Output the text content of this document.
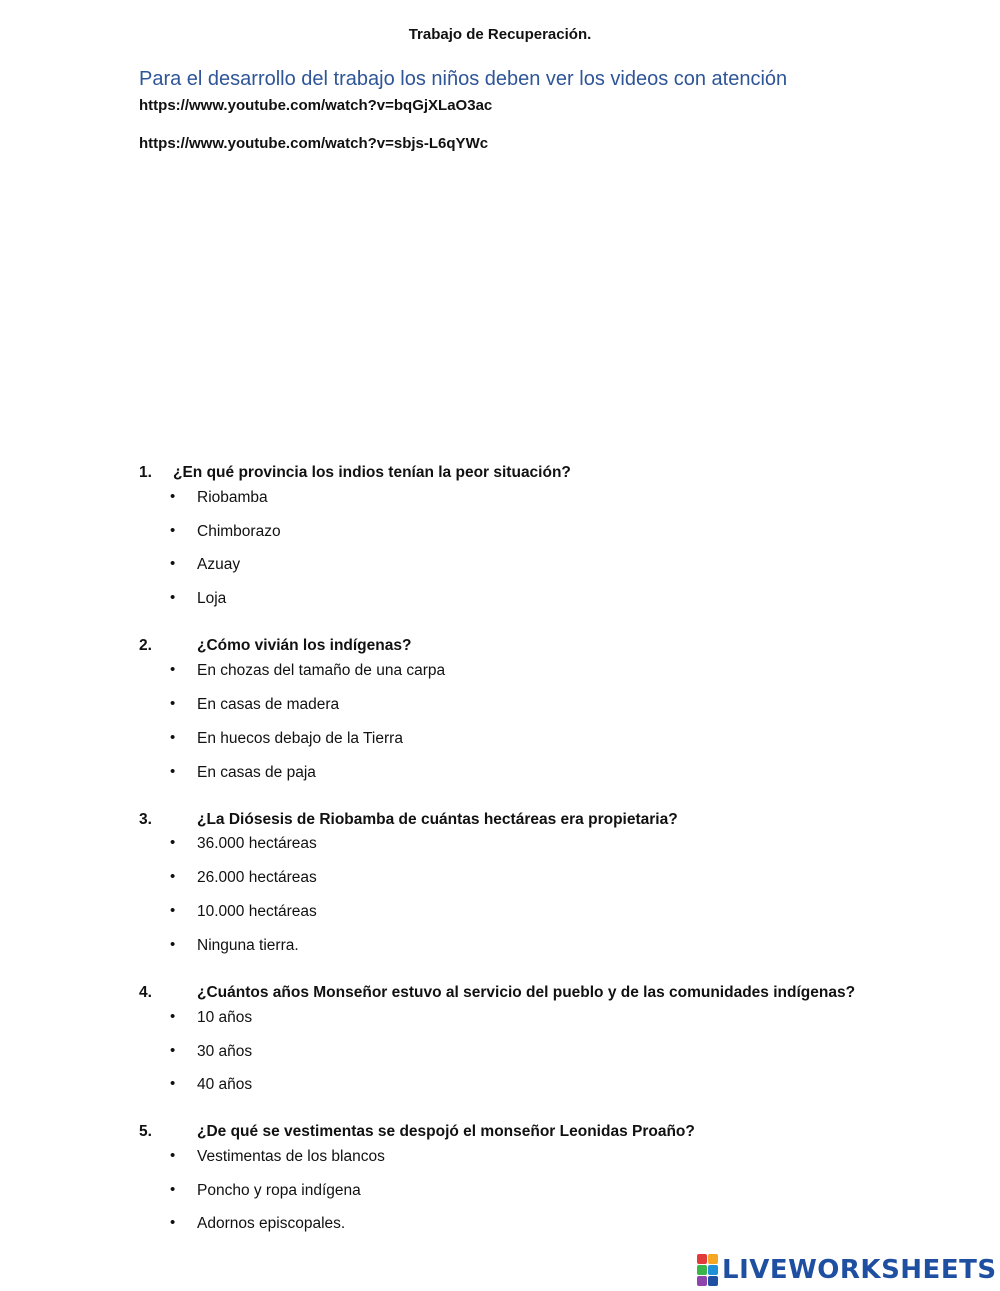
Trabajo de Recuperación.
Para el desarrollo del trabajo los niños deben ver los videos con atención
https://www.youtube.com/watch?v=bqGjXLaO3ac
https://www.youtube.com/watch?v=sbjs-L6qYWc
1. ¿En qué provincia los indios tenían la peor situación?
• Riobamba
• Chimborazo
• Azuay
• Loja
2.	¿Cómo vivián los indígenas?
• En chozas del tamaño de una carpa
• En casas de madera
• En huecos debajo de la Tierra
• En casas de paja
3.	¿La Diósesis de Riobamba de cuántas hectáreas era propietaria?
• 36.000 hectáreas
• 26.000 hectáreas
• 10.000 hectáreas
• Ninguna tierra.
4.	¿Cuántos años Monseñor estuvo al servicio del pueblo y de las comunidades indígenas?
• 10 años
• 30 años
• 40 años
5.	¿De qué se vestimentas se despojó el monseñor Leonidas Proaño?
• Vestimentas de los blancos
• Poncho y ropa indígena
• Adornos episcopales.
LIVEWORKSHEETS
